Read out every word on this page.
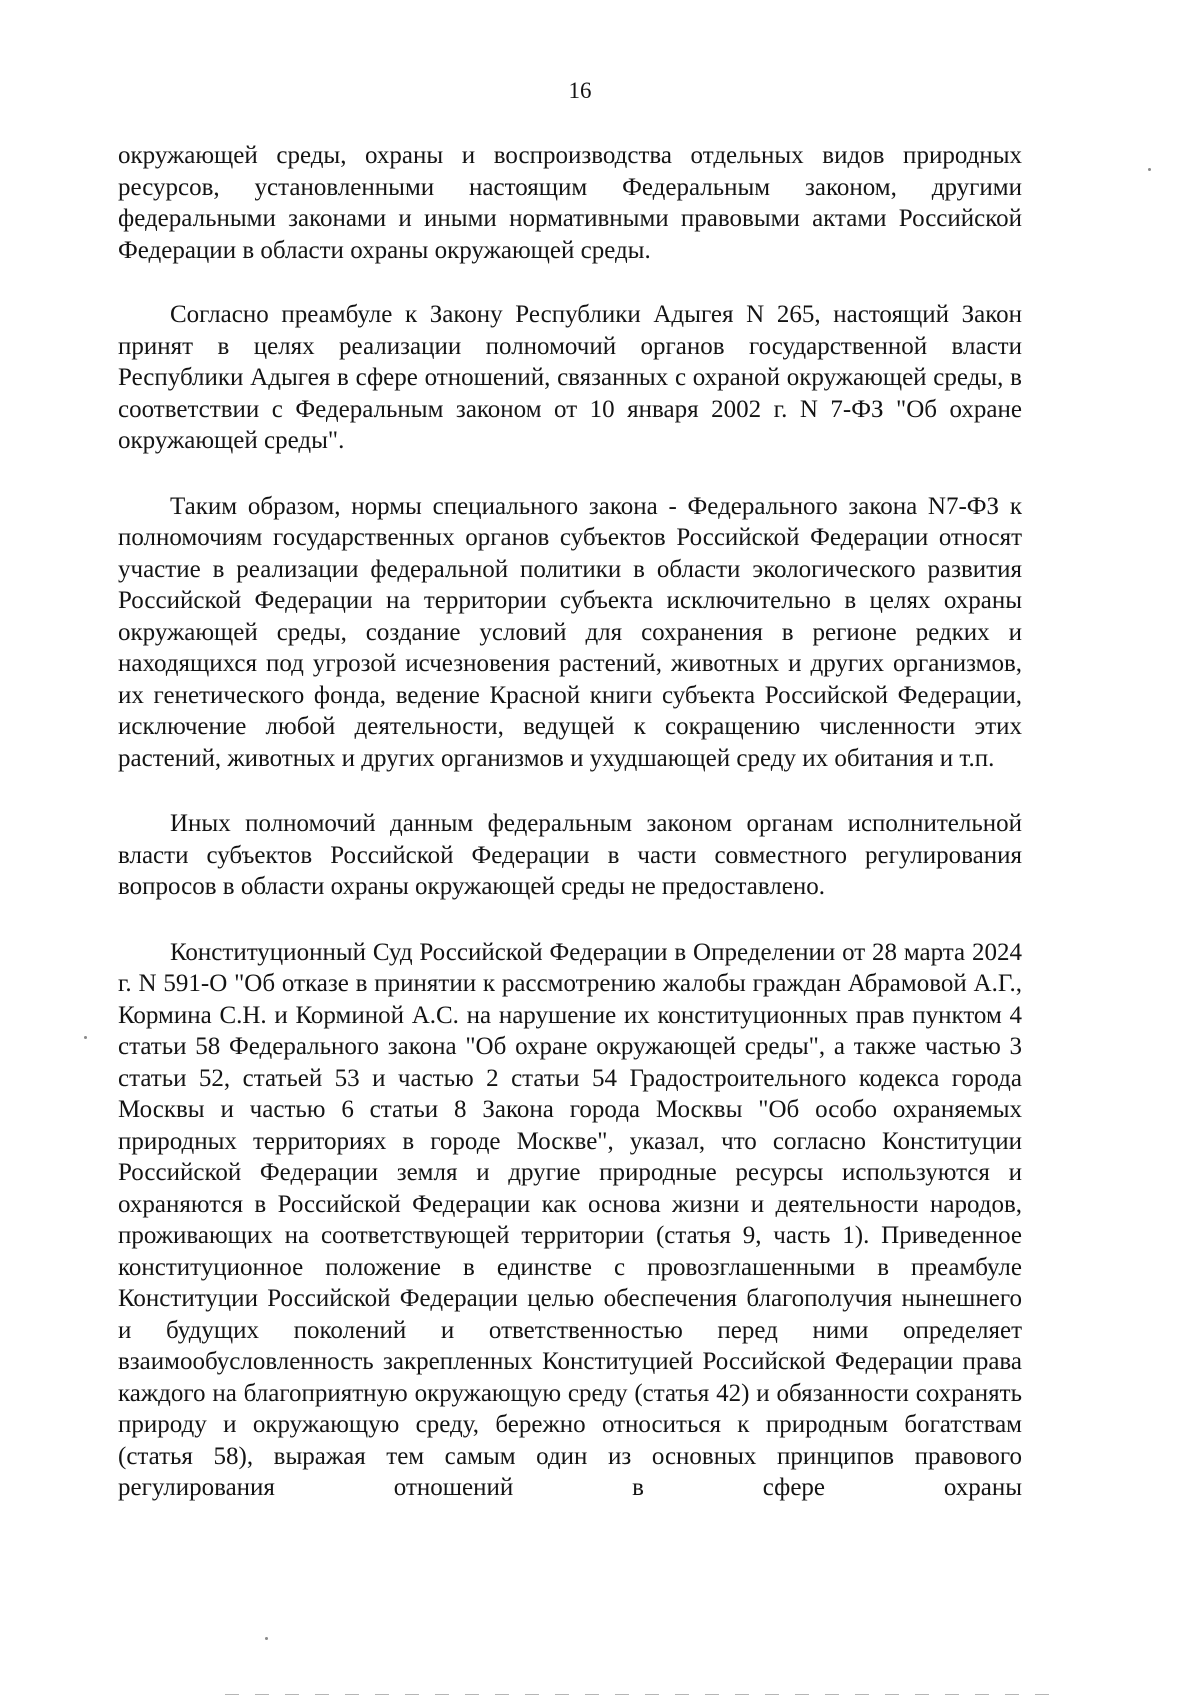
16

окружающей среды, охраны и воспроизводства отдельных видов природных ресурсов, установленными настоящим Федеральным законом, другими федеральными законами и иными нормативными правовыми актами Российской Федерации в области охраны окружающей среды.

Согласно преамбуле к Закону Республики Адыгея N 265, настоящий Закон принят в целях реализации полномочий органов государственной власти Республики Адыгея в сфере отношений, связанных с охраной окружающей среды, в соответствии с Федеральным законом от 10 января 2002 г. N 7-ФЗ "Об охране окружающей среды".

Таким образом, нормы специального закона - Федерального закона N7-ФЗ к полномочиям государственных органов субъектов Российской Федерации относят участие в реализации федеральной политики в области экологического развития Российской Федерации на территории субъекта исключительно в целях охраны окружающей среды, создание условий для сохранения в регионе редких и находящихся под угрозой исчезновения растений, животных и других организмов, их генетического фонда, ведение Красной книги субъекта Российской Федерации, исключение любой деятельности, ведущей к сокращению численности этих растений, животных и других организмов и ухудшающей среду их обитания и т.п.

Иных полномочий данным федеральным законом органам исполнительной власти субъектов Российской Федерации в части совместного регулирования вопросов в области охраны окружающей среды не предоставлено.

Конституционный Суд Российской Федерации в Определении от 28 марта 2024 г. N 591-О "Об отказе в принятии к рассмотрению жалобы граждан Абрамовой А.Г., Кормина С.Н. и Корминой А.С. на нарушение их конституционных прав пунктом 4 статьи 58 Федерального закона "Об охране окружающей среды", а также частью 3 статьи 52, статьей 53 и частью 2 статьи 54 Градостроительного кодекса города Москвы и частью 6 статьи 8 Закона города Москвы "Об особо охраняемых природных территориях в городе Москве", указал, что согласно Конституции Российской Федерации земля и другие природные ресурсы используются и охраняются в Российской Федерации как основа жизни и деятельности народов, проживающих на соответствующей территории (статья 9, часть 1). Приведенное конституционное положение в единстве с провозглашенными в преамбуле Конституции Российской Федерации целью обеспечения благополучия нынешнего и будущих поколений и ответственностью перед ними определяет взаимообусловленность закрепленных Конституцией Российской Федерации права каждого на благоприятную окружающую среду (статья 42) и обязанности сохранять природу и окружающую среду, бережно относиться к природным богатствам (статья 58), выражая тем самым один из основных принципов правового регулирования отношений в сфере охраны
